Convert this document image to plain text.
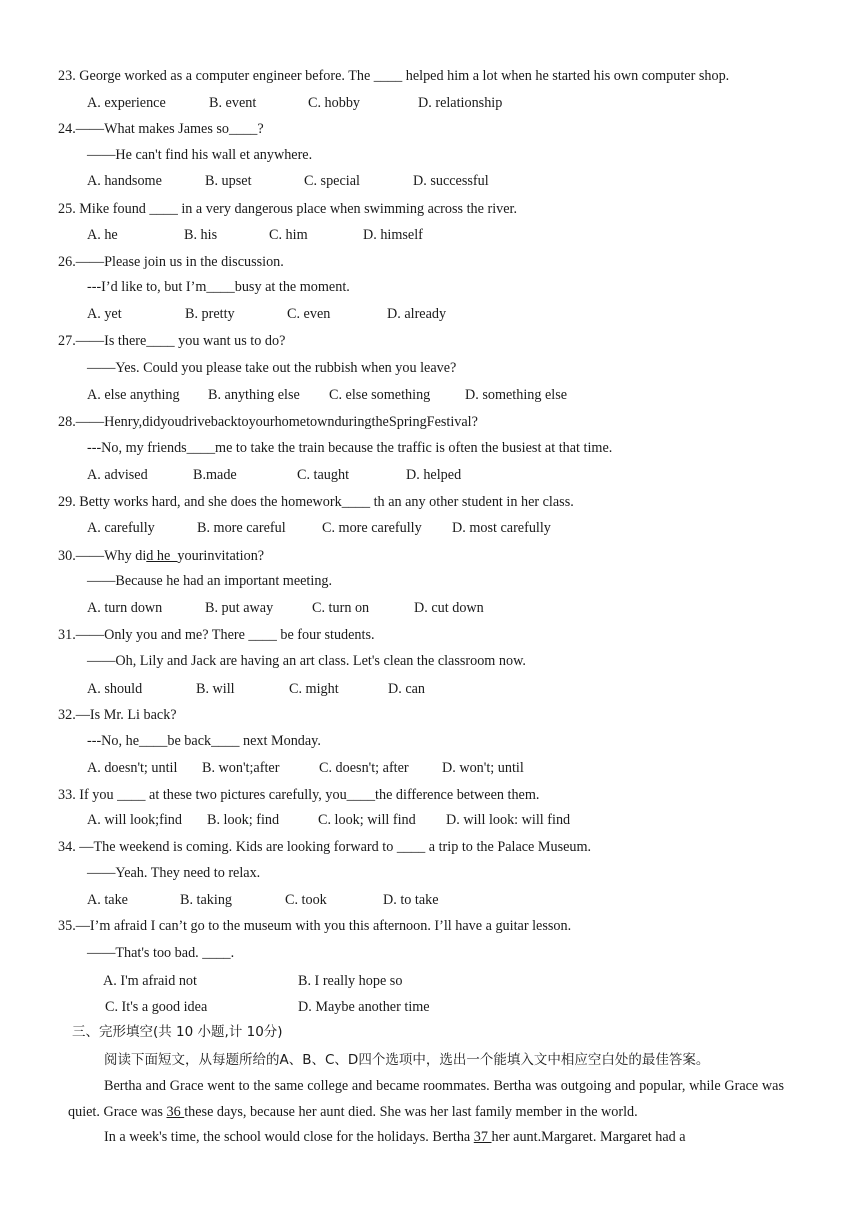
23. George worked as a computer engineer before. The ____ helped him a lot when he started his own computer shop.
A. experience	B. event	C. hobby	D. relationship
24.——What makes James so____?
——He can't find his wall et anywhere.
A. handsome	B. upset	C. special	D. successful
25. Mike found ____ in a very dangerous place when swimming across the river.
A. he	B. his	C. him	D. himself
26.——Please join us in the discussion.
---I’d like to, but I’m____busy at the moment.
A. yet	B. pretty	C. even	D. already
27.——Is there____ you want us to do?
——Yes. Could you please take out the rubbish when you leave?
A. else anything B. anything else C. else something D. something else
28.——Henry,didyoudrivebacktoyourhometownduringtheSpringFestival?
---No, my friends____me to take the train because the traffic is often the busiest at that time.
A. advised	B.made	C. taught	D. helped
29. Betty works hard, and she does the homework____ th an any other student in her class.
A. carefully	B. more careful	C. more carefully D. most carefully
30.——Why did he  yourinvitation?
——Because he had an important meeting.
A. turn down	B. put away	C. turn on	D. cut down
31.——Only you and me? There ____ be four students.
——Oh, Lily and Jack are having an art class. Let's clean the classroom now.
A. should	B. will	C. might	D. can
32.—Is Mr. Li back?
---No, he____be back____ next Monday.
A. doesn't; until B. won't;after	C. doesn't; after D. won't; until
33. If you ____ at these two pictures carefully, you____the difference between them.
A. will look;find B. look; find	C. look; will find D. will look: will find
34. —The weekend is coming. Kids are looking forward to ____ a trip to the Palace Museum.
——Yeah. They need to relax.
A. take	B. taking	C. took	D. to take
35.—I’m afraid I can’t go to the museum with you this afternoon. I’ll have a guitar lesson.
——That's too bad. ____.
A. I'm afraid not	B. I really hope so
C. It's a good idea	D. Maybe another time
三、完形填空(共 10 小题,计 10分)
阅读下面短文，从每题所给的A、B、C、D四个选项中，选出一个能填入文中相应空白处的最佳答案。
Bertha and Grace went to the same college and became roommates. Bertha was outgoing and popular, while Grace was quiet. Grace was 36 these days, because her aunt died. She was her last family member in the world.
In a week's time, the school would close for the holidays. Bertha 37 her aunt.Margaret. Margaret had a
